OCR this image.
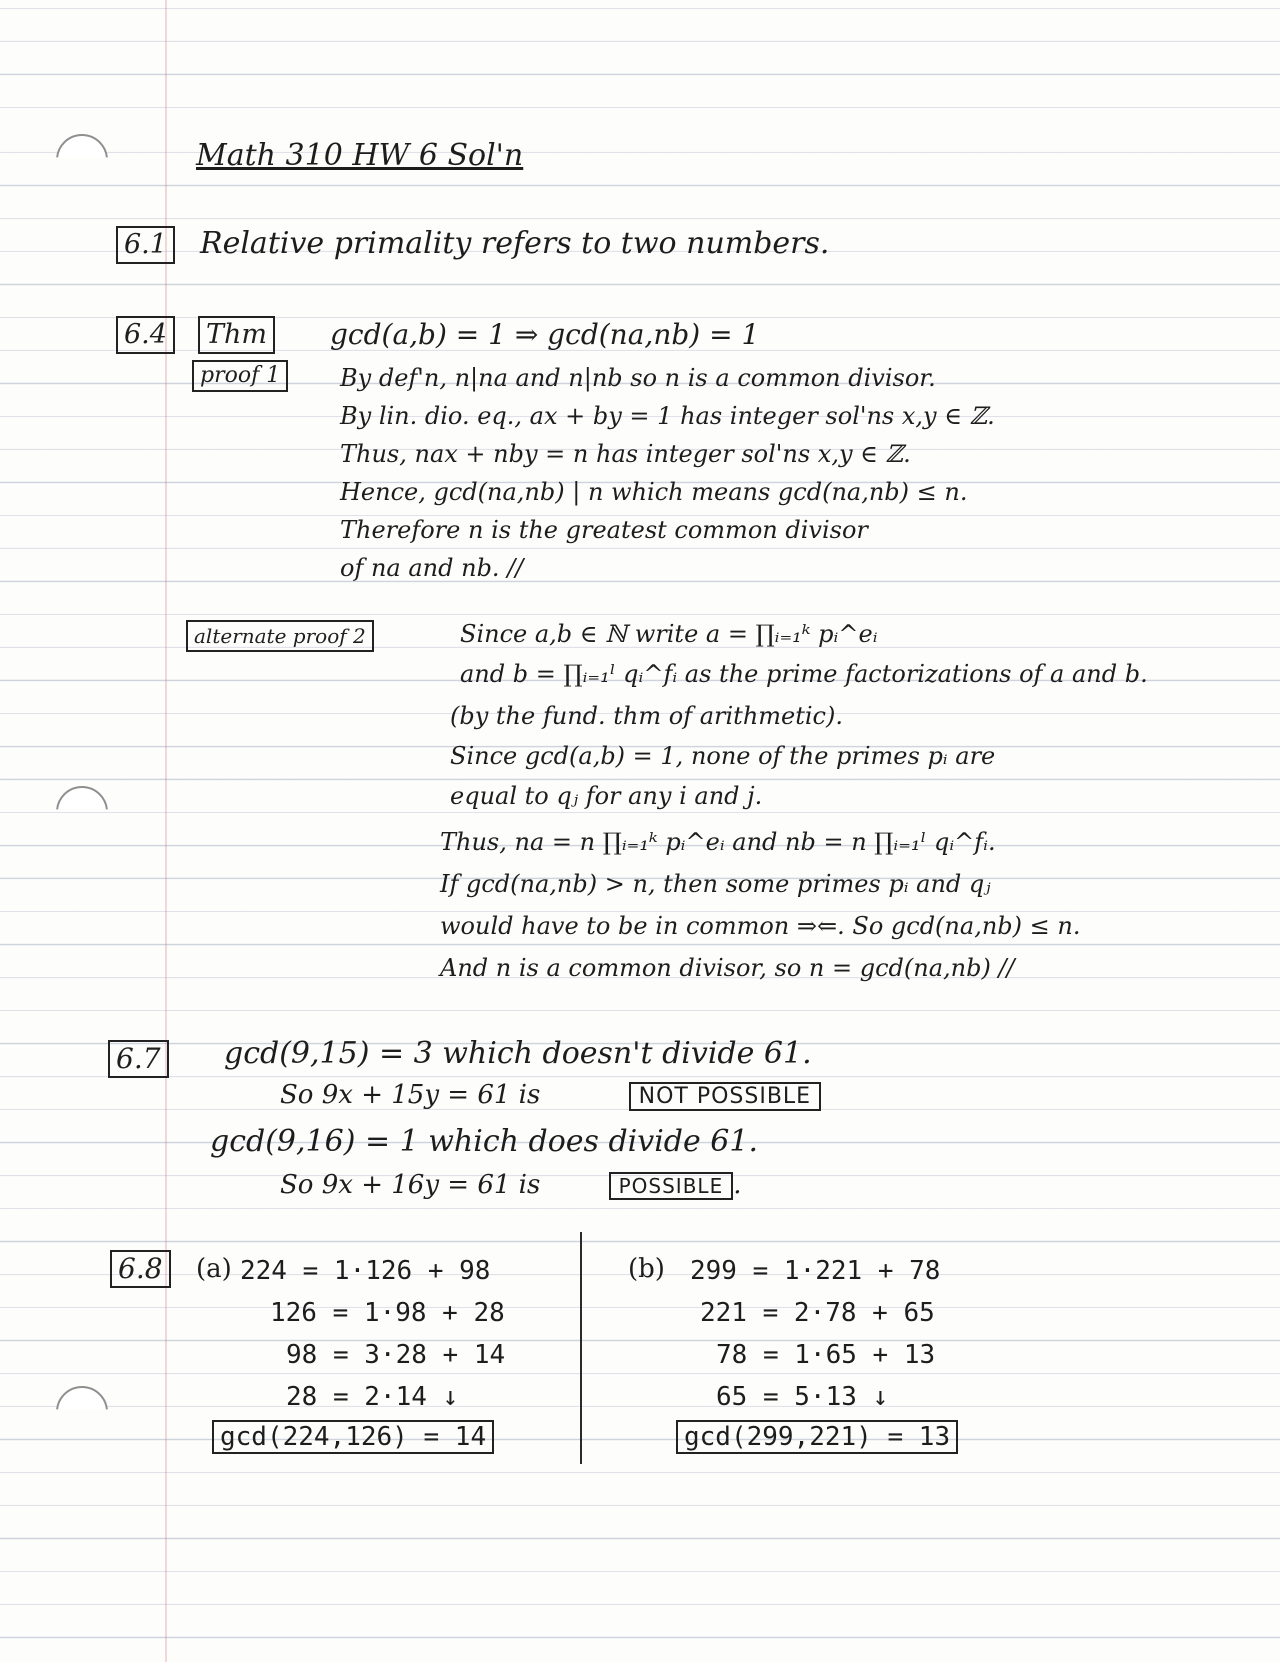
Math 310 HW 6 Sol'n
6.1 Relative primality refers to two numbers.
6.4 Thm gcd(a,b) = 1 ⇒ gcd(na,nb) = 1
proof 1	By def'n, n|na and n|nb so n is a common divisor.
By lin. dio. eq., ax + by = 1 has integer sol'ns x,y ∈ ℤ.
Thus, nax + nby = n has integer sol'ns x,y ∈ ℤ.
Hence, gcd(na,nb) | n which means gcd(na,nb) ≤ n.
Therefore n is the greatest common divisor
of na and nb. //
alternate proof 2	Since a,b ∈ ℕ write a = ∏ᵢ₌₁ᵏ pᵢ^eᵢ
and b = ∏ᵢ₌₁ˡ qᵢ^fᵢ as the prime factorizations of a and b.
(by the fund. thm of arithmetic).
Since gcd(a,b) = 1, none of the primes pᵢ are
equal to qⱼ for any i and j.
Thus, na = n ∏ᵢ₌₁ᵏ pᵢ^eᵢ and nb = n ∏ᵢ₌₁ˡ qᵢ^fᵢ.
If gcd(na,nb) > n, then some primes pᵢ and qⱼ
would have to be in common ⇒⇐. So gcd(na,nb) ≤ n.
And n is a common divisor, so n = gcd(na,nb) //
6.7 gcd(9,15) = 3 which doesn't divide 61.
So 9x + 15y = 61 is	NOT POSSIBLE
gcd(9,16) = 1 which does divide 61.
So 9x + 16y = 61 is	POSSIBLE .
6.8	(a) 224 = 1·126 + 98
126 = 1·98 + 28
98 = 3·28 + 14
28 = 2·14 ↓
gcd(224,126) = 14
(b) 299 = 1·221 + 78
221 = 2·78 + 65
78 = 1·65 + 13
65 = 5·13 ↓
gcd(299,221) = 13
